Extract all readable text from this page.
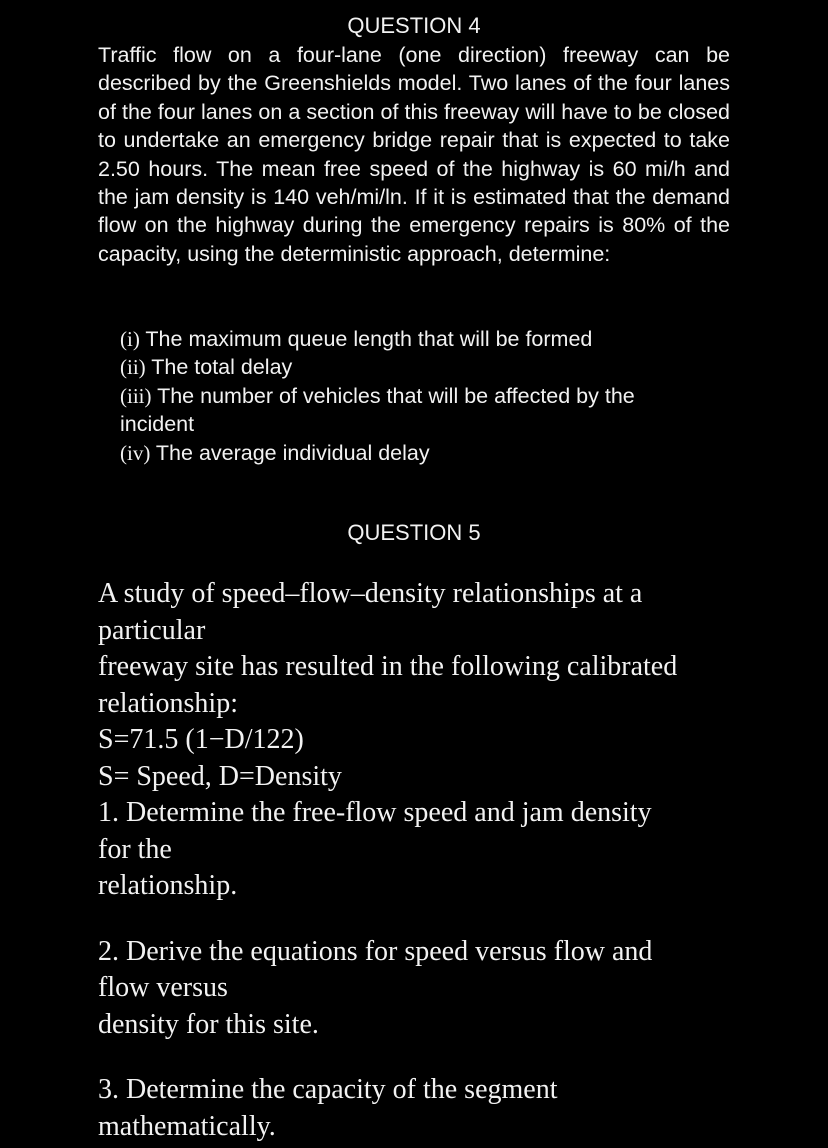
QUESTION 4
Traffic flow on a four-lane (one direction) freeway can be described by the Greenshields model. Two lanes of the four lanes of the four lanes on a section of this freeway will have to be closed to undertake an emergency bridge repair that is expected to take 2.50 hours. The mean free speed of the highway is 60 mi/h and the jam density is 140 veh/mi/ln. If it is estimated that the demand flow on the highway during the emergency repairs is 80% of the capacity, using the deterministic approach, determine:
(i) The maximum queue length that will be formed
(ii) The total delay
(iii) The number of vehicles that will be affected by the
incident
(iv) The average individual delay
QUESTION 5
A study of speed–flow–density relationships at a
particular
freeway site has resulted in the following calibrated
relationship:
S=71.5 (1−D/122)
S= Speed, D=Density
1. Determine the free-flow speed and jam density
for the
relationship.
2. Derive the equations for speed versus flow and
flow versus
density for this site.
3. Determine the capacity of the segment
mathematically.
